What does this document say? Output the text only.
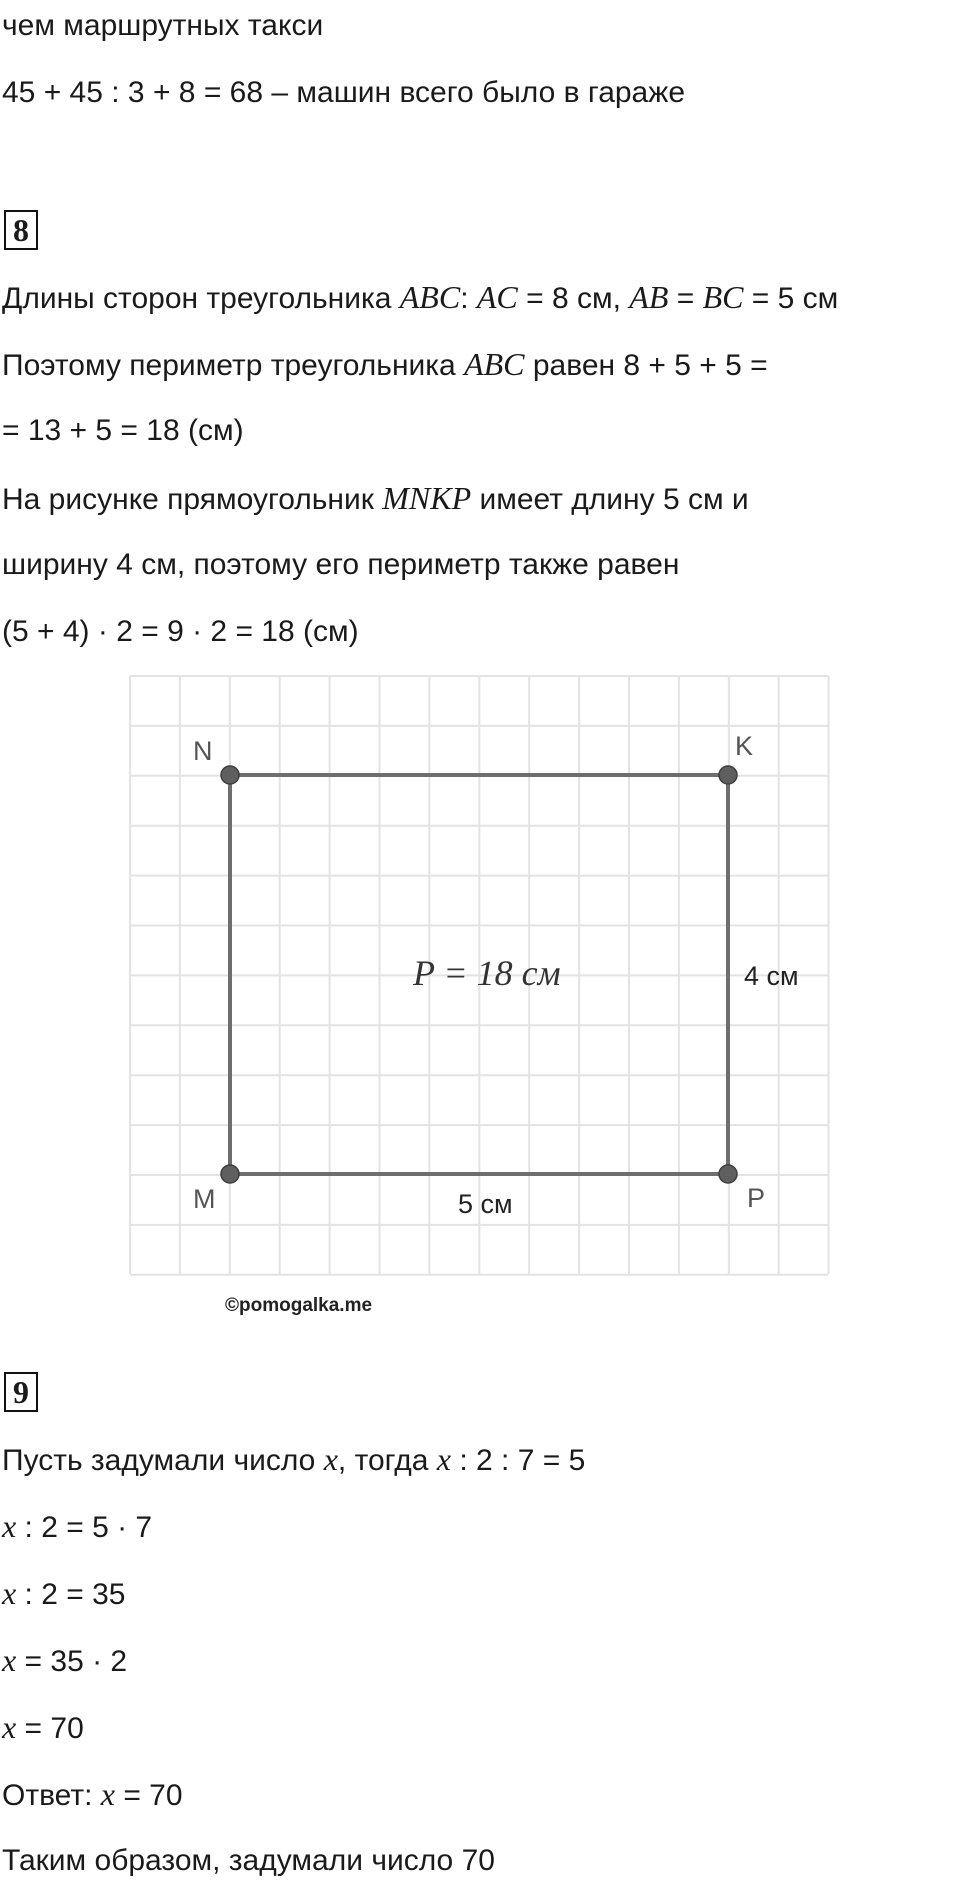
чем маршрутных такси

45 + 45 : 3 + 8 = 68 – машин всего было в гараже

8

Длины сторон треугольника ABC: AC = 8 см, AB = BC = 5 см

Поэтому периметр треугольника ABC равен 8 + 5 + 5 =

= 13 + 5 = 18 (см)

На рисунке прямоугольник MNKP имеет длину 5 см и

ширину 4 см, поэтому его периметр также равен

(5 + 4) · 2 = 9 · 2 = 18 (см)

N	K
M	P
P = 18 см	4 см
5 см
©pomogalka.me
9

Пусть задумали число x, тогда x : 2 : 7 = 5

x : 2 = 5 · 7

x : 2 = 35

x = 35 · 2

x = 70

Ответ: x = 70

Таким образом, задумали число 70
